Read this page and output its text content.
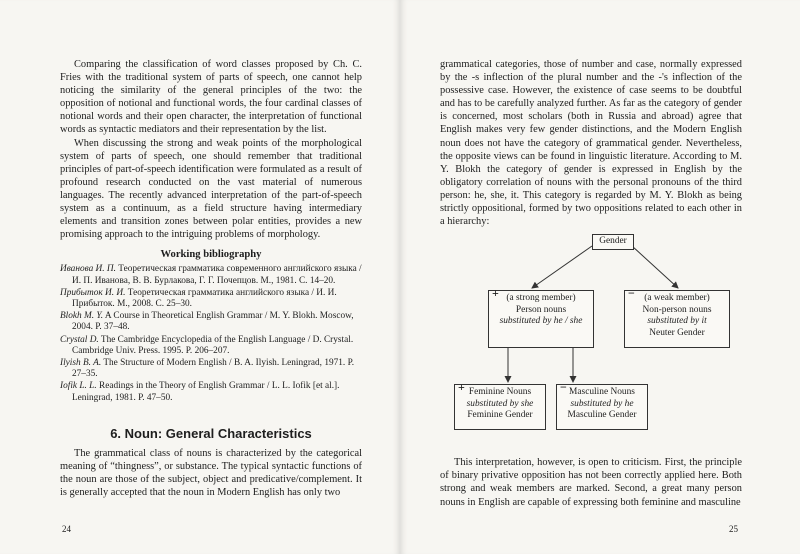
Comparing the classification of word classes proposed by Ch. C. Fries with the traditional system of parts of speech, one cannot help noticing the similarity of the general principles of the two: the opposition of notional and functional words, the four cardinal classes of notional words and their open character, the interpretation of functional words as syntactic mediators and their representation by the list.

When discussing the strong and weak points of the morphological system of parts of speech, one should remember that traditional principles of part-of-speech identification were formulated as a result of profound research conducted on the vast material of numerous languages. The recently advanced interpretation of the part-of-speech system as a continuum, as a field structure having intermediary elements and transition zones between polar entities, provides a new promising approach to the intriguing problems of morphology.

Working bibliography
Иванова И. П. Теоретическая грамматика современного английского языка / И. П. Иванова, В. В. Бурлакова, Г. Г. Почепцов. М., 1981. С. 14–20.
Прибыток И. И. Теоретическая грамматика английского языка / И. И. Прибыток. М., 2008. С. 25–30.
Blokh M. Y. A Course in Theoretical English Grammar / M. Y. Blokh. Moscow, 2004. P. 37–48.
Crystal D. The Cambridge Encyclopedia of the English Language / D. Crystal. Cambridge Univ. Press. 1995. P. 206–207.
Ilyish B. A. The Structure of Modern English / B. A. Ilyish. Leningrad, 1971. P. 27–35.
Iofik L. L. Readings in the Theory of English Grammar / L. L. Iofik [et al.]. Leningrad, 1981. P. 47–50.
6. Noun: General Characteristics

The grammatical class of nouns is characterized by the categorical meaning of “thingness”, or substance. The typical syntactic functions of the noun are those of the subject, object and predicative/complement. It is generally accepted that the noun in Modern English has only two

24

grammatical categories, those of number and case, normally expressed by the -s inflection of the plural number and the -'s inflection of the possessive case. However, the existence of case seems to be doubtful and has to be carefully analyzed further. As far as the category of gender is concerned, most scholars (both in Russia and abroad) agree that English makes very few gender distinctions, and the Modern English noun does not have the category of grammatical gender. Nevertheless, the opposite views can be found in linguistic literature. According to M. Y. Blokh the category of gender is expressed in English by the obligatory correlation of nouns with the personal pronouns of the third person: he, she, it. This category is regarded by M. Y. Blokh as being strictly oppositional, formed by two oppositions related to each other in a hierarchy:

Gender
+ (a strong member)
Person nouns
substituted by he / she
− (a weak member)
Non-person nouns
substituted by it
Neuter Gender
+ Feminine Nouns
substituted by she
Feminine Gender
− Masculine Nouns
substituted by he
Masculine Gender

This interpretation, however, is open to criticism. First, the principle of binary privative opposition has not been correctly applied here. Both strong and weak members are marked. Second, a great many person nouns in English are capable of expressing both feminine and masculine

25
